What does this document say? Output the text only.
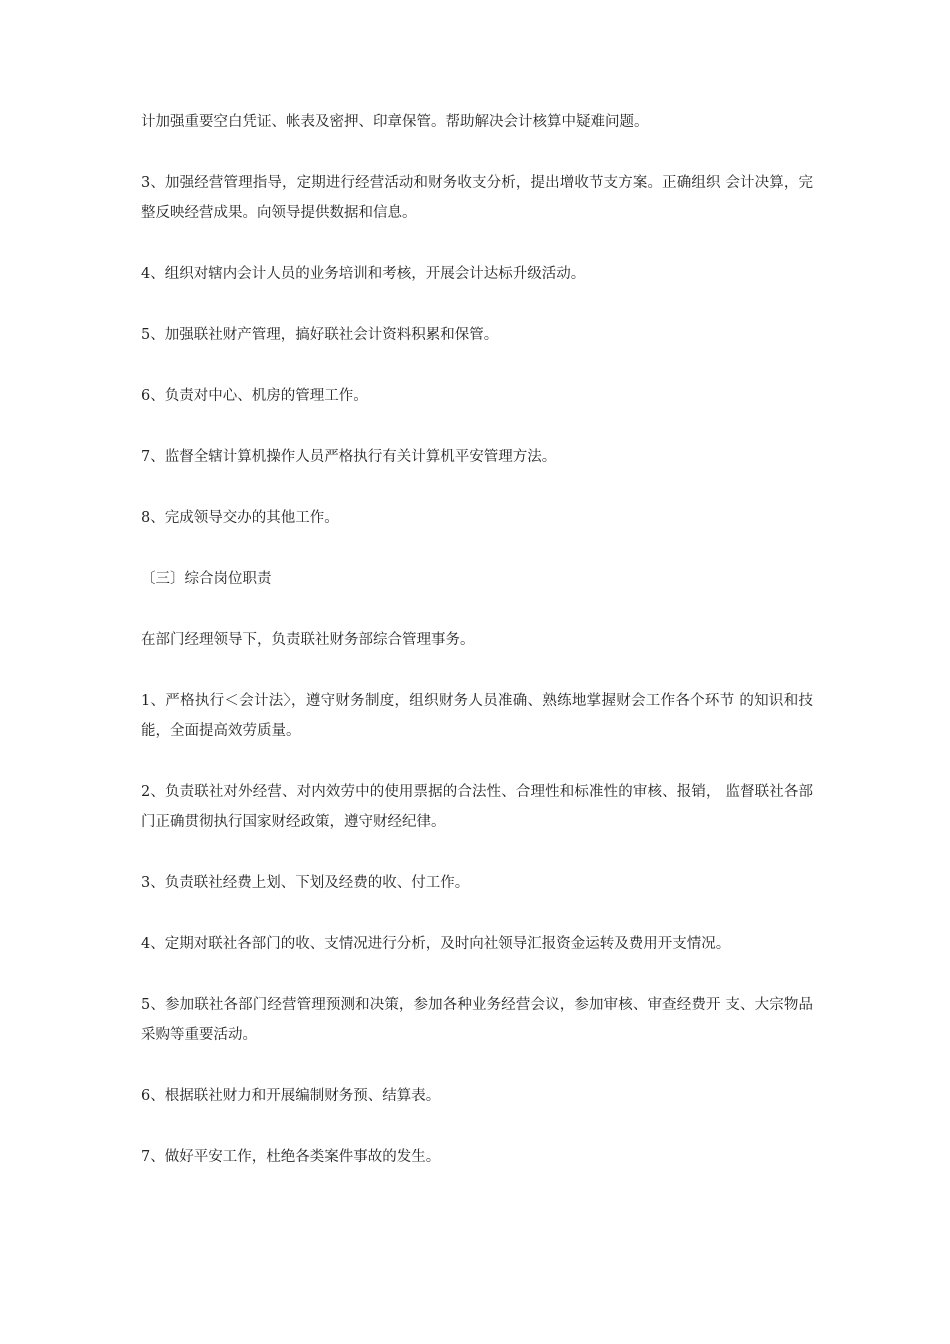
计加强重要空白凭证、帐表及密押、印章保管。帮助解决会计核算中疑难问题。

3、加强经营管理指导，定期进行经营活动和财务收支分析，提出增收节支方案。正确组织 会计决算，完整反映经营成果。向领导提供数据和信息。

4、组织对辖内会计人员的业务培训和考核，开展会计达标升级活动。

5、加强联社财产管理，搞好联社会计资料积累和保管。

6、负责对中心、机房的管理工作。

7、监督全辖计算机操作人员严格执行有关计算机平安管理方法。

8、完成领导交办的其他工作。

〔三〕综合岗位职责

在部门经理领导下，负责联社财务部综合管理事务。

1、严格执行＜会计法〉，遵守财务制度，组织财务人员准确、熟练地掌握财会工作各个环节 的知识和技能，全面提高效劳质量。

2、负责联社对外经营、对内效劳中的使用票据的合法性、合理性和标准性的审核、报销， 监督联社各部门正确贯彻执行国家财经政策，遵守财经纪律。

3、负责联社经费上划、下划及经费的收、付工作。

4、定期对联社各部门的收、支情况进行分析，及时向社领导汇报资金运转及费用开支情况。

5、参加联社各部门经营管理预测和决策，参加各种业务经营会议，参加审核、审查经费开 支、大宗物品采购等重要活动。

6、根据联社财力和开展编制财务预、结算表。

7、做好平安工作，杜绝各类案件事故的发生。
